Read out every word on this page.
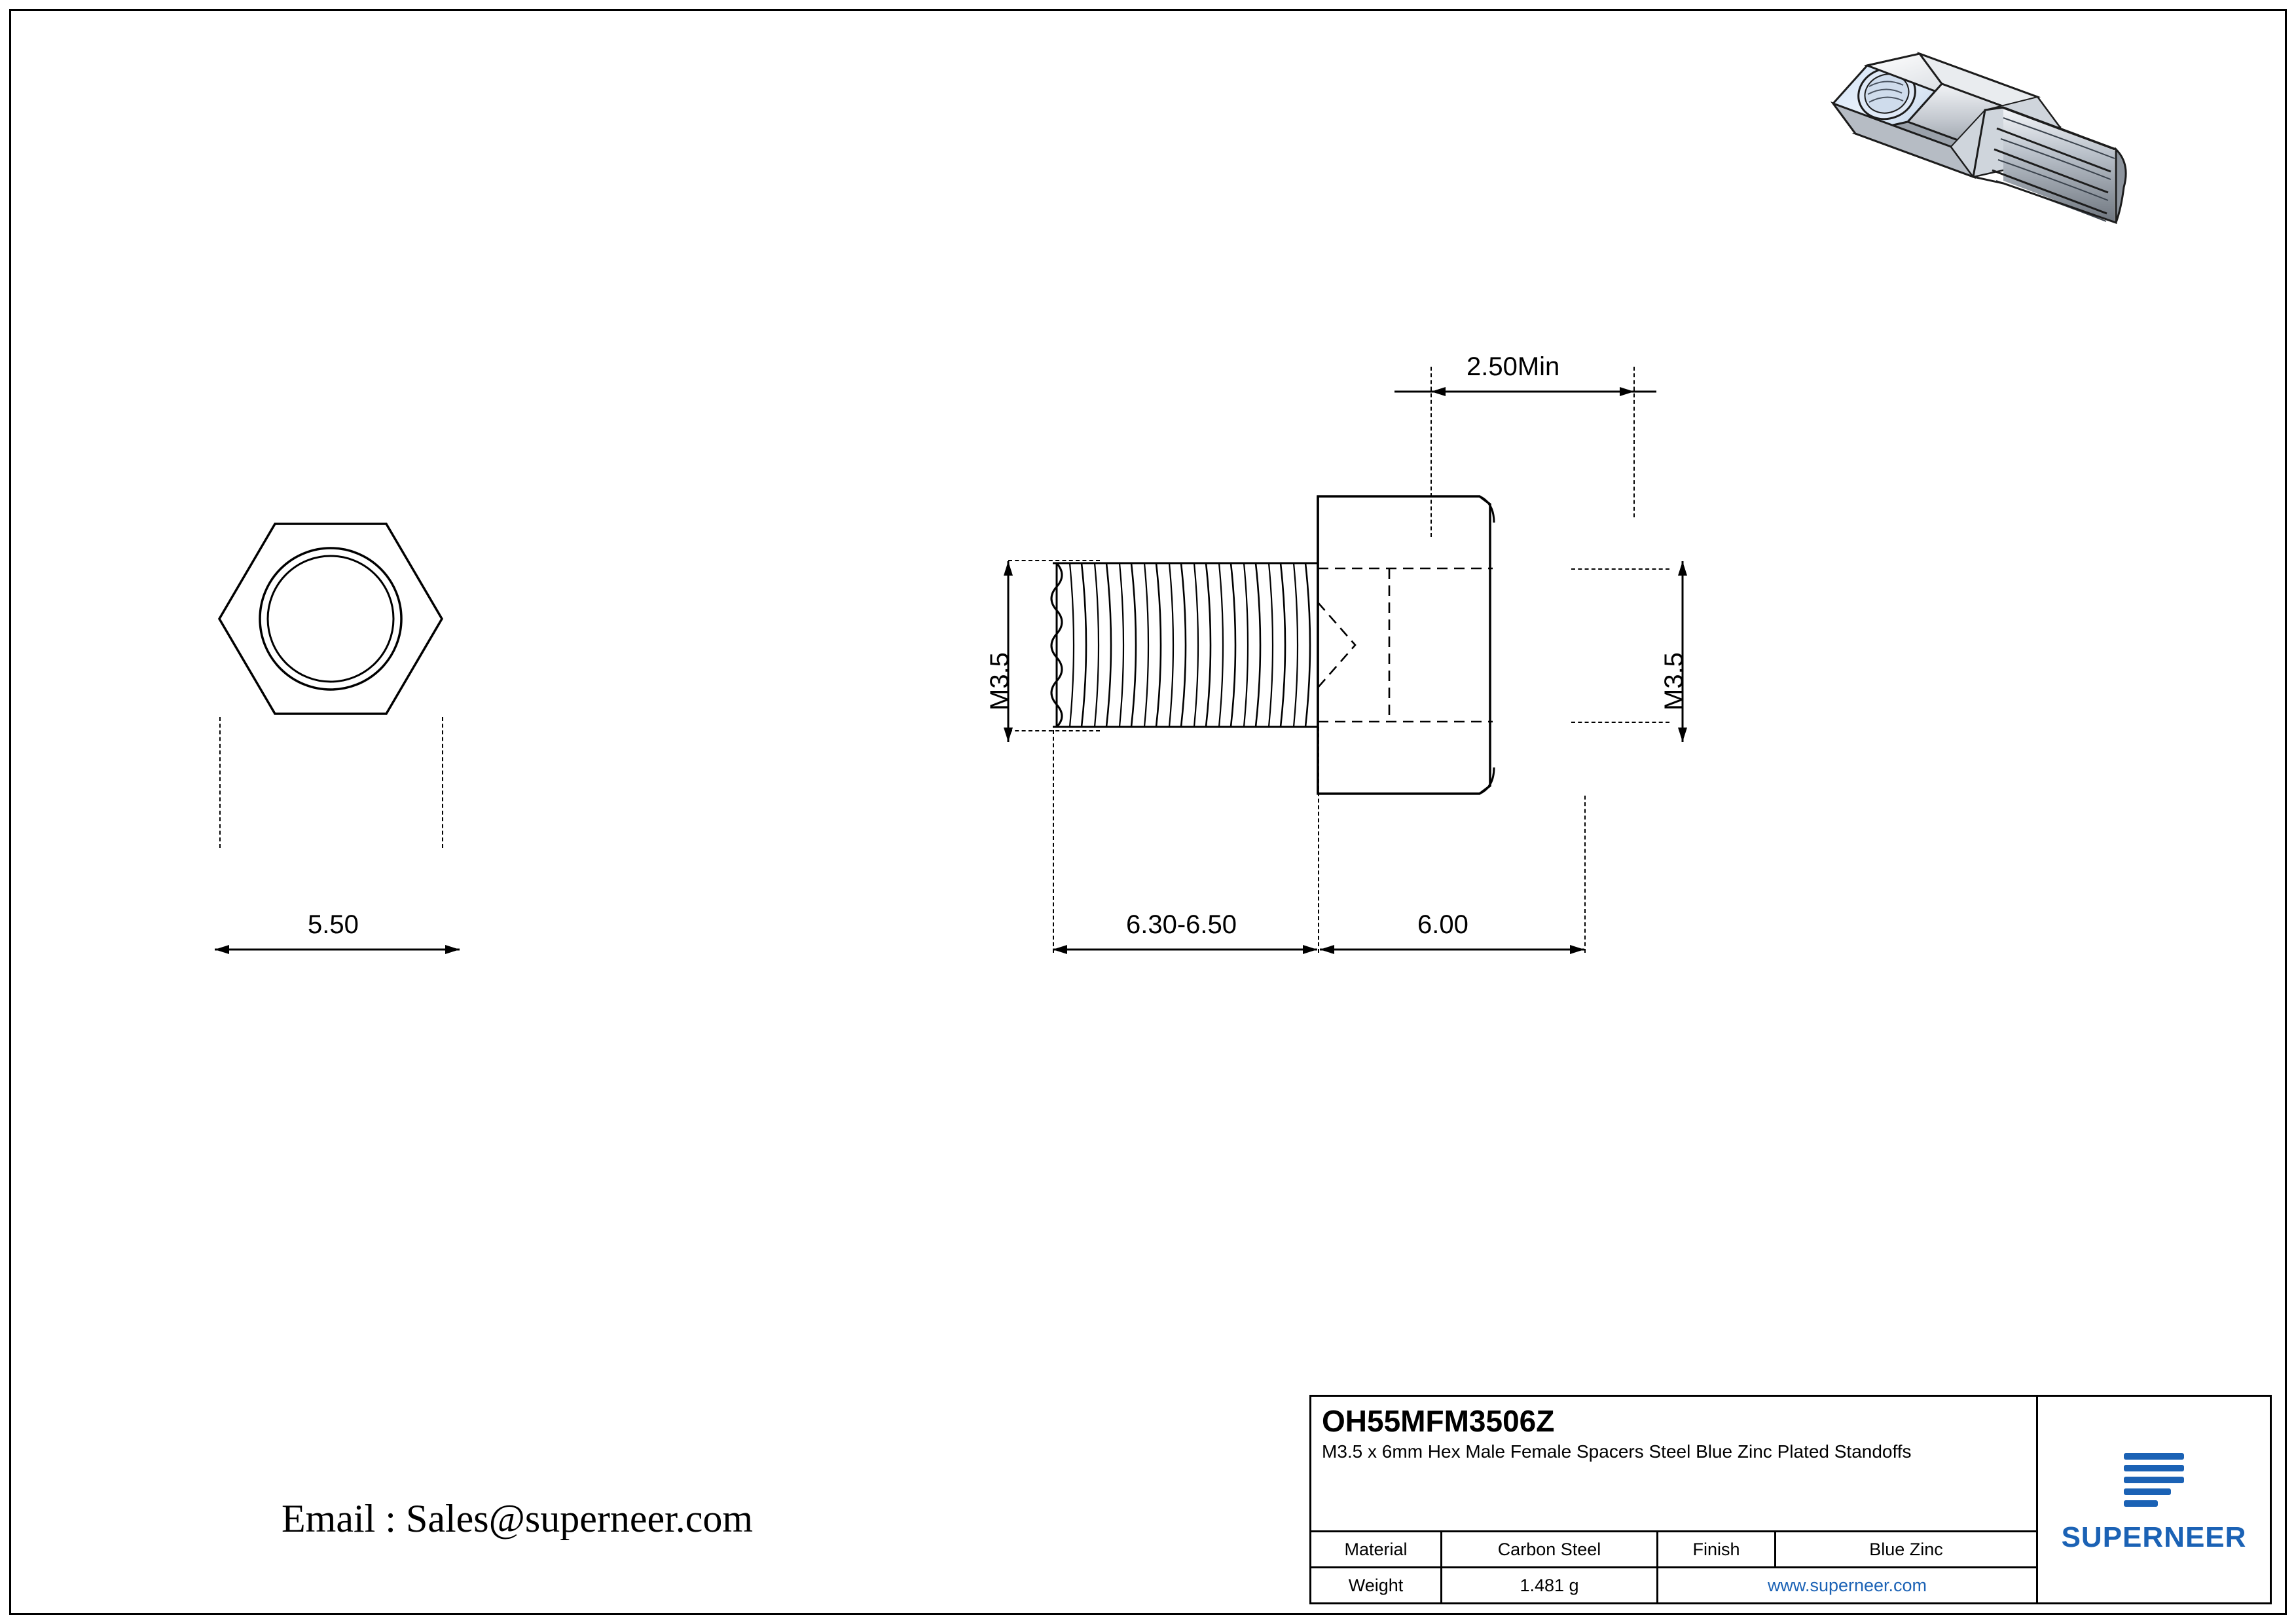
5.50
M3.5	M3.5
2.50Min
6.30-6.50	6.00
Email : Sales@superneer.com
OH55MFM3506Z
M3.5 x 6mm Hex Male Female Spacers Steel Blue Zinc Plated Standoffs
Material	Carbon Steel	Finish	Blue Zinc
Weight	1.481 g	www.superneer.com
SUPERNEER
